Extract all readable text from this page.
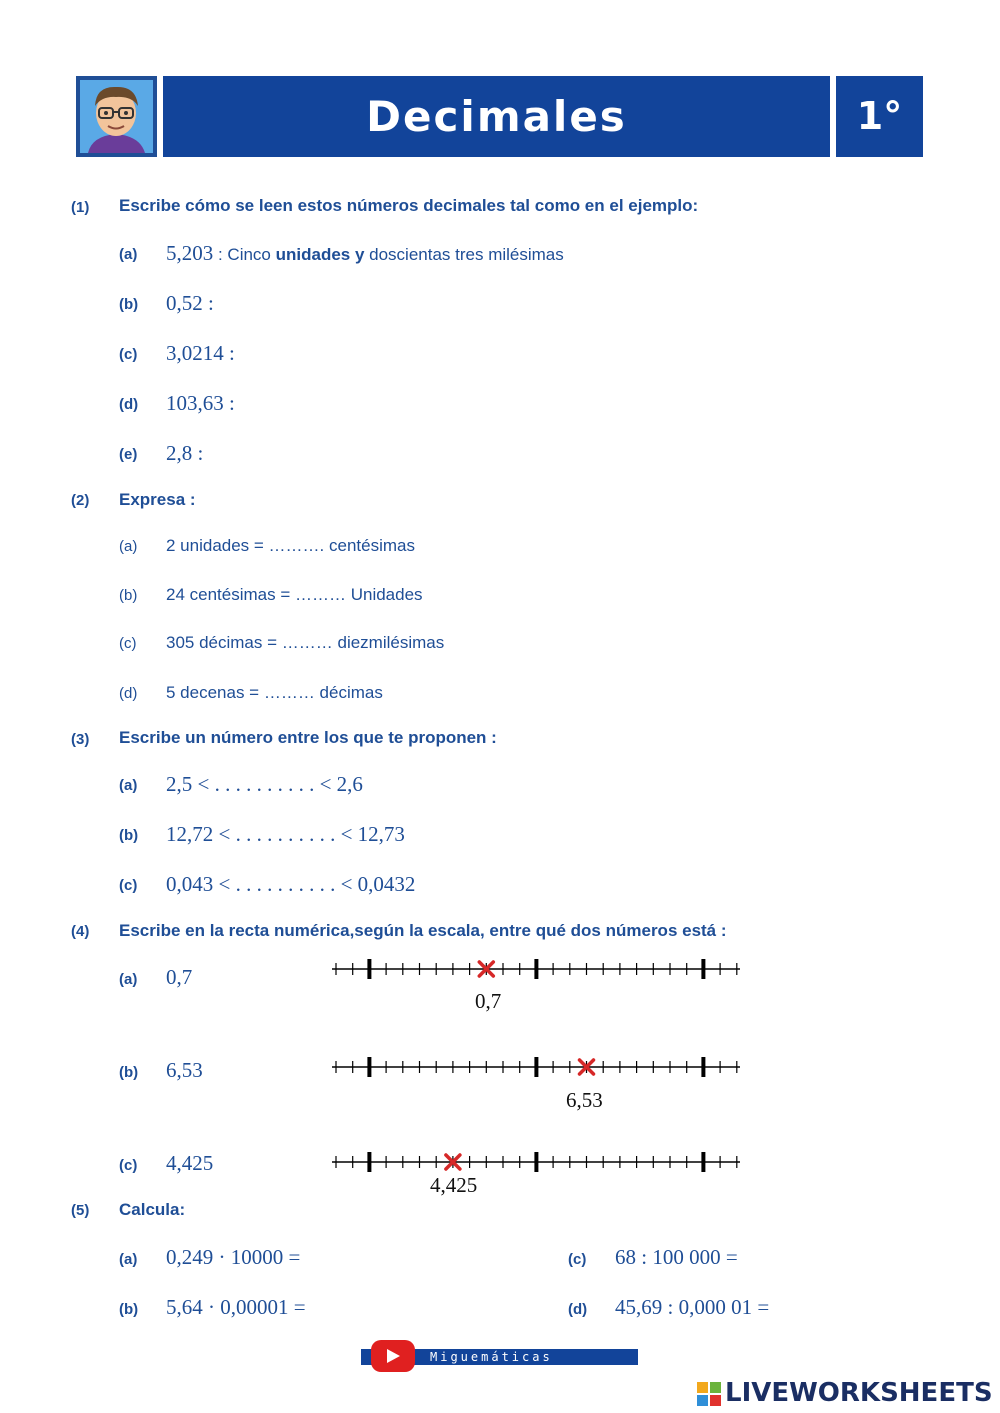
Decimales	1°
(1) Escribe cómo se leen estos números decimales tal como en el ejemplo:
(a) 5,203 : Cinco unidades y doscientas tres milésimas
(b) 0,52 :
(c) 3,0214 :
(d) 103,63 :
(e) 2,8 :
(2) Expresa :
(a) 2 unidades = ………. centésimas
(b) 24 centésimas = ……… Unidades
(c) 305 décimas = ……… diezmilésimas
(d) 5 decenas = ……… décimas
(3) Escribe un número entre los que te proponen :
(a) 2,5 < . . . . . . . . . . < 2,6
(b) 12,72 < . . . . . . . . . . < 12,73
(c) 0,043 < . . . . . . . . . . < 0,0432
(4) Escribe en la recta numérica,según la escala, entre qué dos números está :
(a) 0,7
0,7
(b) 6,53
6,53
(c) 4,425
4,425
(5) Calcula:
(a) 0,249 · 10000 =
(b) 5,64 · 0,00001 =
(c) 68 : 100 000 =
(d) 45,69 : 0,000 01 =
Miguemáticas
LIVEWORKSHEETS
